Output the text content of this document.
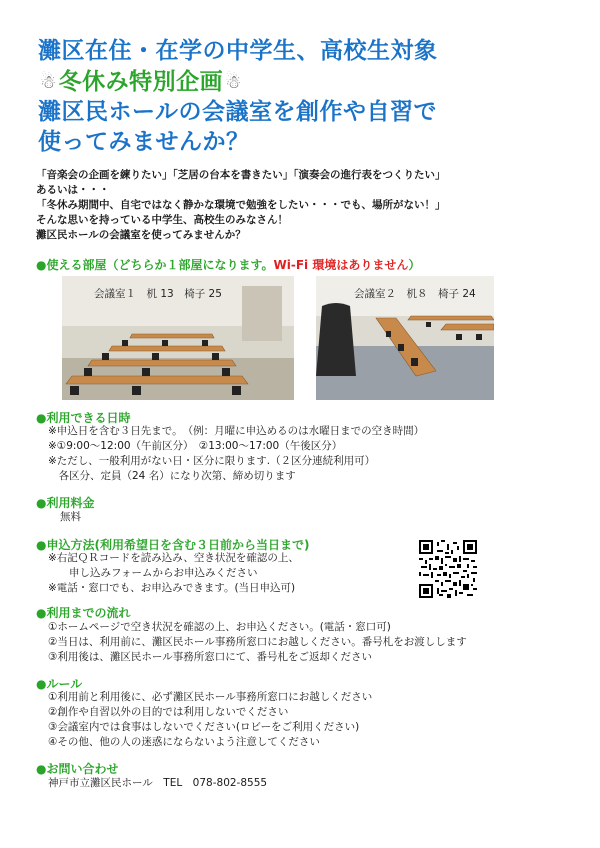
灘区在住・在学の中学生、高校生対象
☃冬休み特別企画 ☃
灘区民ホールの会議室を創作や自習で
使ってみませんか？
「音楽会の企画を練りたい」「芝居の台本を書きたい」「演奏会の進行表をつくりたい」
あるいは・・・
「冬休み期間中、自宅ではなく静かな環境で勉強をしたい・・・でも、場所がない！」
そんな思いを持っている中学生、高校生のみなさん！
灘区民ホールの会議室を使ってみませんか？
●使える部屋（どちらか１部屋になります。Wi-Fi 環境はありません）
会議室１　机 13　椅子 25	会議室２　机８　椅子 24
●利用できる日時
※申込日を含む３日先まで。　（例：月曜に申込めるのは水曜日までの空き時間）
※①9:00～12:00（午前区分）　②13:00～17:00（午後区分）
※ただし、一般利用がない日・区分に限ります.（２区分連続利用可）
　各区分、定員（24 名）になり次第、締め切ります
●利用料金
無料
●申込方法(利用希望日を含む３日前から当日まで)
※右記ＱＲコードを読み込み、空き状況を確認の上、
　　申し込みフォームからお申込みください
※電話・窓口でも、お申込みできます。(当日申込可)
●利用までの流れ
①ホームページで空き状況を確認の上、お申込ください。(電話・窓口可)
②当日は、利用前に、灘区民ホール事務所窓口にお越しください。番号札をお渡しします
③利用後は、灘区民ホール事務所窓口にて、番号札をご返却ください
●ルール
①利用前と利用後に、必ず灘区民ホール事務所窓口にお越しください
②創作や自習以外の目的では利用しないでください
③会議室内では食事はしないでください(ロビーをご利用ください)
④その他、他の人の迷惑にならないよう注意してください
●お問い合わせ
神戸市立灘区民ホール　TEL　078-802-8555
